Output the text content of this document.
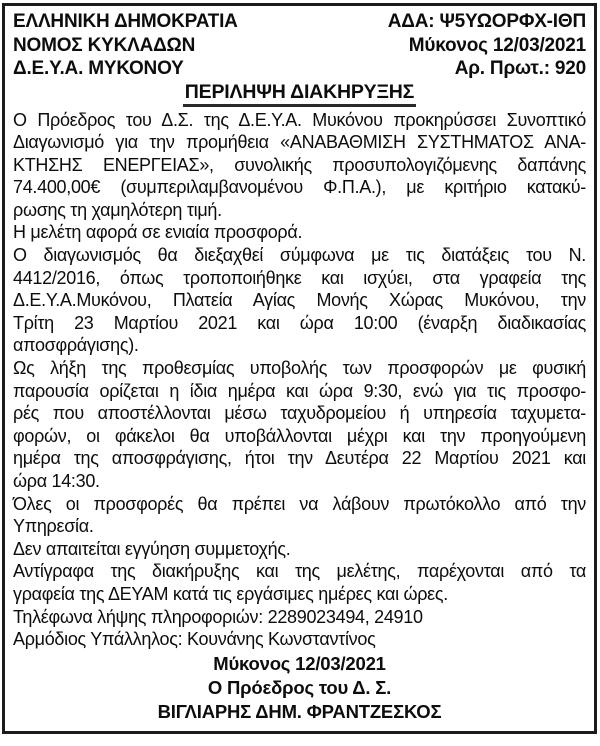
ΕΛΛΗΝΙΚΗ ΔΗΜΟΚΡΑΤΙΑ
ΝΟΜΟΣ ΚΥΚΛΑΔΩΝ
Δ.Ε.Υ.Α. ΜΥΚΟΝΟΥ
ΑΔΑ: Ψ5ΥΩΟΡΦΧ-ΙΘΠ
Μύκονος 12/03/2021
Αρ. Πρωτ.: 920
ΠΕΡΙΛΗΨΗ ΔΙΑΚΗΡΥΞΗΣ
Ο Πρόεδρος του Δ.Σ. της Δ.Ε.Υ.Α. Μυκόνου προκηρύσσει Συνοπτικό
Διαγωνισμό για την προμήθεια «ΑΝΑΒΑΘΜΙΣΗ ΣΥΣΤΗΜΑΤΟΣ ΑΝΑ-
ΚΤΗΣΗΣ ΕΝΕΡΓΕΙΑΣ», συνολικής προσυπολογιζόμενης δαπάνης
74.400,00€ (συμπεριλαμβανομένου Φ.Π.Α.), με κριτήριο κατακύ-
ρωσης τη χαμηλότερη τιμή.
Η μελέτη αφορά σε ενιαία προσφορά.
Ο διαγωνισμός θα διεξαχθεί σύμφωνα με τις διατάξεις του Ν.
4412/2016, όπως τροποποιήθηκε και ισχύει, στα γραφεία της
Δ.Ε.Υ.Α.Μυκόνου, Πλατεία Αγίας Μονής Χώρας Μυκόνου, την
Τρίτη 23 Μαρτίου 2021 και ώρα 10:00 (έναρξη διαδικασίας
αποσφράγισης).
Ως λήξη της προθεσμίας υποβολής των προσφορών με φυσική
παρουσία ορίζεται η ίδια ημέρα και ώρα 9:30, ενώ για τις προσφο-
ρές που αποστέλλονται μέσω ταχυδρομείου ή υπηρεσία ταχυμετα-
φορών, οι φάκελοι θα υποβάλλονται μέχρι και την προηγούμενη
ημέρα της αποσφράγισης, ήτοι την Δευτέρα 22 Μαρτίου 2021 και
ώρα 14:30.
Όλες οι προσφορές θα πρέπει να λάβουν πρωτόκολλο από την
Υπηρεσία.
Δεν απαιτείται εγγύηση συμμετοχής.
Αντίγραφα της διακήρυξης και της μελέτης, παρέχονται από τα
γραφεία της ΔΕΥΑΜ κατά τις εργάσιμες ημέρες και ώρες.
Τηλέφωνα λήψης πληροφοριών: 2289023494, 24910
Αρμόδιος Υπάλληλος: Κουνάνης Κωνσταντίνος
Μύκονος 12/03/2021
Ο Πρόεδρος του Δ. Σ.
ΒΙΓΛΙΑΡΗΣ ΔΗΜ. ΦΡΑΝΤΖΕΣΚΟΣ
